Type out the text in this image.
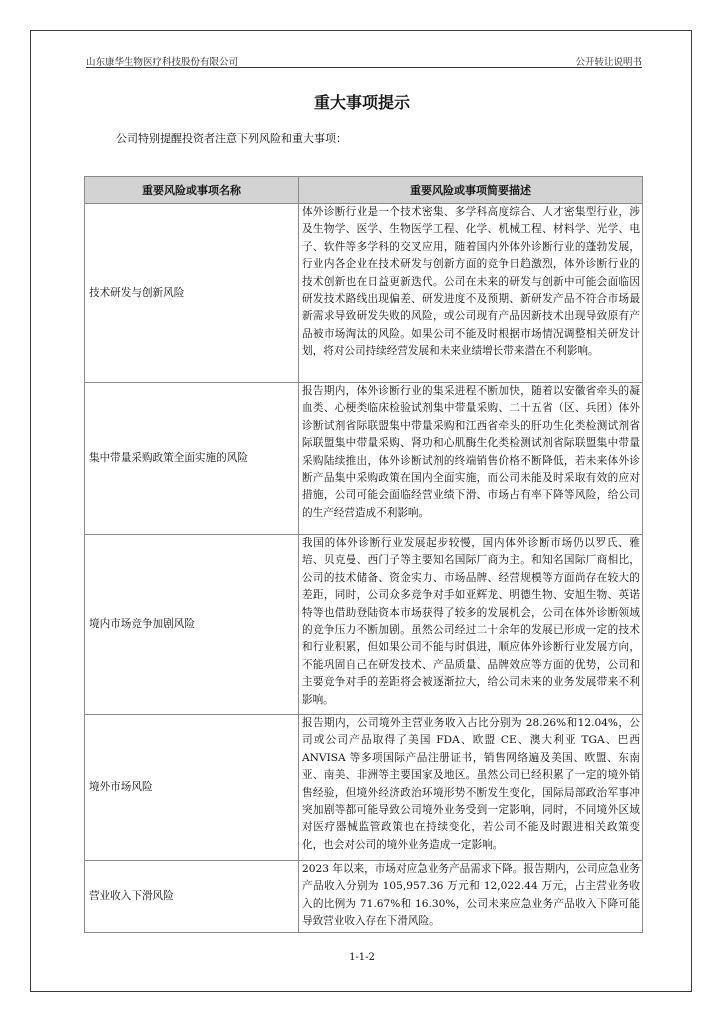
山东康华生物医疗科技股份有限公司	公开转让说明书
重大事项提示
公司特别提醒投资者注意下列风险和重大事项：
重要风险或事项名称	重要风险或事项简要描述
技术研发与创新风险	体外诊断行业是一个技术密集、多学科高度综合、人才密集型行业，涉及生物学、医学、生物医学工程、化学、机械工程、材料学、光学、电子、软件等多学科的交叉应用，随着国内外体外诊断行业的蓬勃发展，行业内各企业在技术研发与创新方面的竞争日趋激烈，体外诊断行业的技术创新也在日益更新迭代。公司在未来的研发与创新中可能会面临因研发技术路线出现偏差、研发进度不及预期、新研发产品不符合市场最新需求导致研发失败的风险，或公司现有产品因新技术出现导致原有产品被市场淘汰的风险。如果公司不能及时根据市场情况调整相关研发计划，将对公司持续经营发展和未来业绩增长带来潜在不利影响。
集中带量采购政策全面实施的风险	报告期内，体外诊断行业的集采进程不断加快，随着以安徽省牵头的凝血类、心梗类临床检验试剂集中带量采购、二十五省（区、兵团）体外诊断试剂省际联盟集中带量采购和江西省牵头的肝功生化类检测试剂省际联盟集中带量采购、肾功和心肌酶生化类检测试剂省际联盟集中带量采购陆续推出，体外诊断试剂的终端销售价格不断降低，若未来体外诊断产品集中采购政策在国内全面实施，而公司未能及时采取有效的应对措施，公司可能会面临经营业绩下滑、市场占有率下降等风险，给公司的生产经营造成不利影响。
境内市场竞争加剧风险	我国的体外诊断行业发展起步较慢，国内体外诊断市场仍以罗氏、雅培、贝克曼、西门子等主要知名国际厂商为主。和知名国际厂商相比，公司的技术储备、资金实力、市场品牌、经营规模等方面尚存在较大的差距，同时，公司众多竞争对手如亚辉龙、明德生物、安旭生物、英诺特等也借助登陆资本市场获得了较多的发展机会，公司在体外诊断领域的竞争压力不断加剧。虽然公司经过二十余年的发展已形成一定的技术和行业积累，但如果公司不能与时俱进，顺应体外诊断行业发展方向，不能巩固自己在研发技术、产品质量、品牌效应等方面的优势，公司和主要竞争对手的差距将会被逐渐拉大，给公司未来的业务发展带来不利影响。
境外市场风险	报告期内，公司境外主营业务收入占比分别为 28.26%和12.04%，公司或公司产品取得了美国 FDA、欧盟 CE、澳大利亚 TGA、巴西 ANVISA 等多项国际产品注册证书，销售网络遍及美国、欧盟、东南亚、南美、非洲等主要国家及地区。虽然公司已经积累了一定的境外销售经验，但境外经济政治环境形势不断发生变化，国际局部政治军事冲突加剧等都可能导致公司境外业务受到一定影响，同时，不同境外区域对医疗器械监管政策也在持续变化，若公司不能及时跟进相关政策变化，也会对公司的境外业务造成一定影响。
营业收入下滑风险	2023 年以来，市场对应急业务产品需求下降。报告期内，公司应急业务产品收入分别为 105,957.36 万元和 12,022.44 万元，占主营业务收入的比例为 71.67%和 16.30%，公司未来应急业务产品收入下降可能导致营业收入存在下滑风险。
1-1-2
